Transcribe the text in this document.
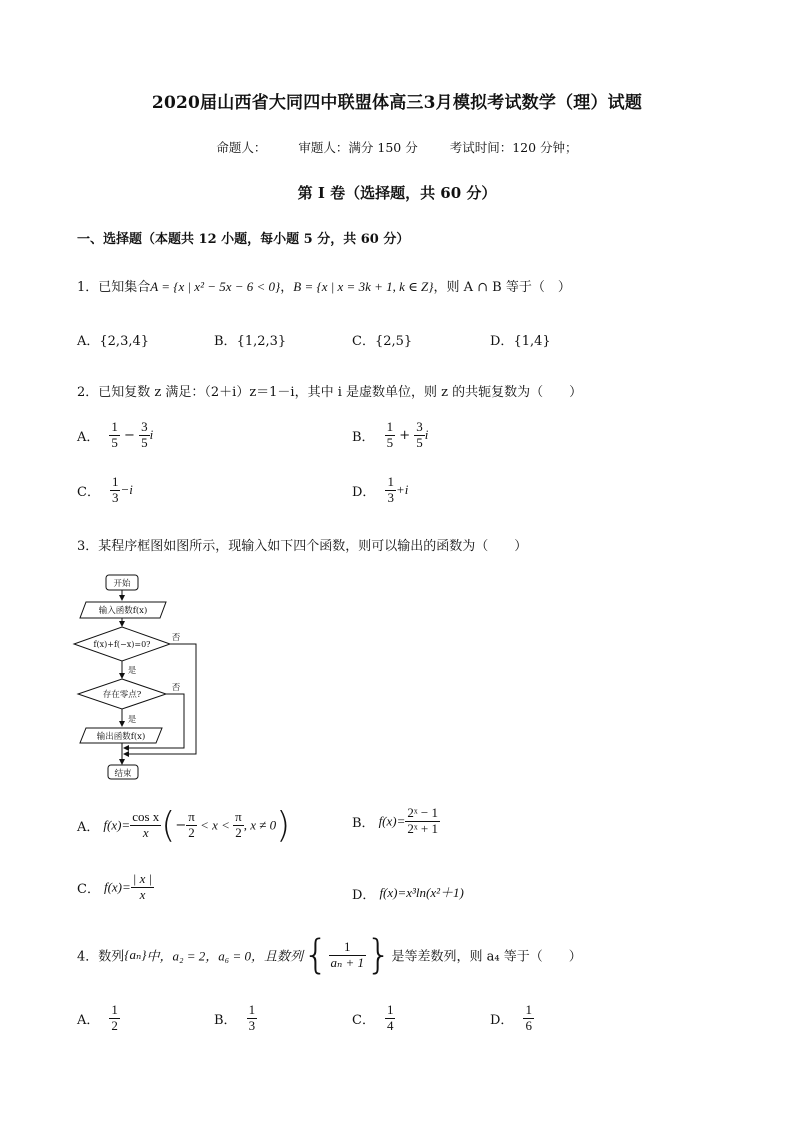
2020届山西省大同四中联盟体高三3月模拟考试数学（理）试题
命题人：	审题人：满分 150 分	考试时间：120 分钟；
第 I 卷（选择题，共 60 分）
一、选择题（本题共 12 小题，每小题 5 分，共 60 分）
1．已知集合A = {x | x² − 5x − 6 < 0}，B = {x | x = 3k + 1, k ∈ Z}，则 A ∩ B 等于（　）
A．{2,3,4}	B．{1,2,3}	C．{2,5}	D．{1,4}
2．已知复数 z 满足：（2＋i）z＝1－i，其中 i 是虚数单位，则 z 的共轭复数为（　　）
A． $\frac{1}{5} - \frac{3}{5}$ i	B． $\frac{1}{5} + \frac{3}{5}$ i
C． $\frac{1}{3} -i$	D． $\frac{1}{3} +i$
3．某程序框图如图所示，现输入如下四个函数，则可以输出的函数为（　　）
开始
输入函数f(x)
f(x)+f(−x)=0?
存在零点?
输出函数f(x)
结束
是
是
否
否
A． $f(x)= \frac{\text{cos x}}{x}$ (− $\frac{\pi}{2} < x < \frac{\pi}{2}$ , x ≠ 0)	B． $f(x)= \frac{\text{2ˣ − 1}}{\text{2ˣ + 1}}$
C． $f(x)= \frac{| x |}{x}$	D． f(x)=x³ln(x²＋1)
4．数列{aₙ}中，a₂ = 2，a₆ = 0，且数列{ $\frac{1}{\text{aₙ + 1}}$ }是等差数列，则 a₄ 等于（　　）
A． $\frac{1}{2}$	B． $\frac{1}{3}$	C． $\frac{1}{4}$	D． $\frac{1}{6}$
